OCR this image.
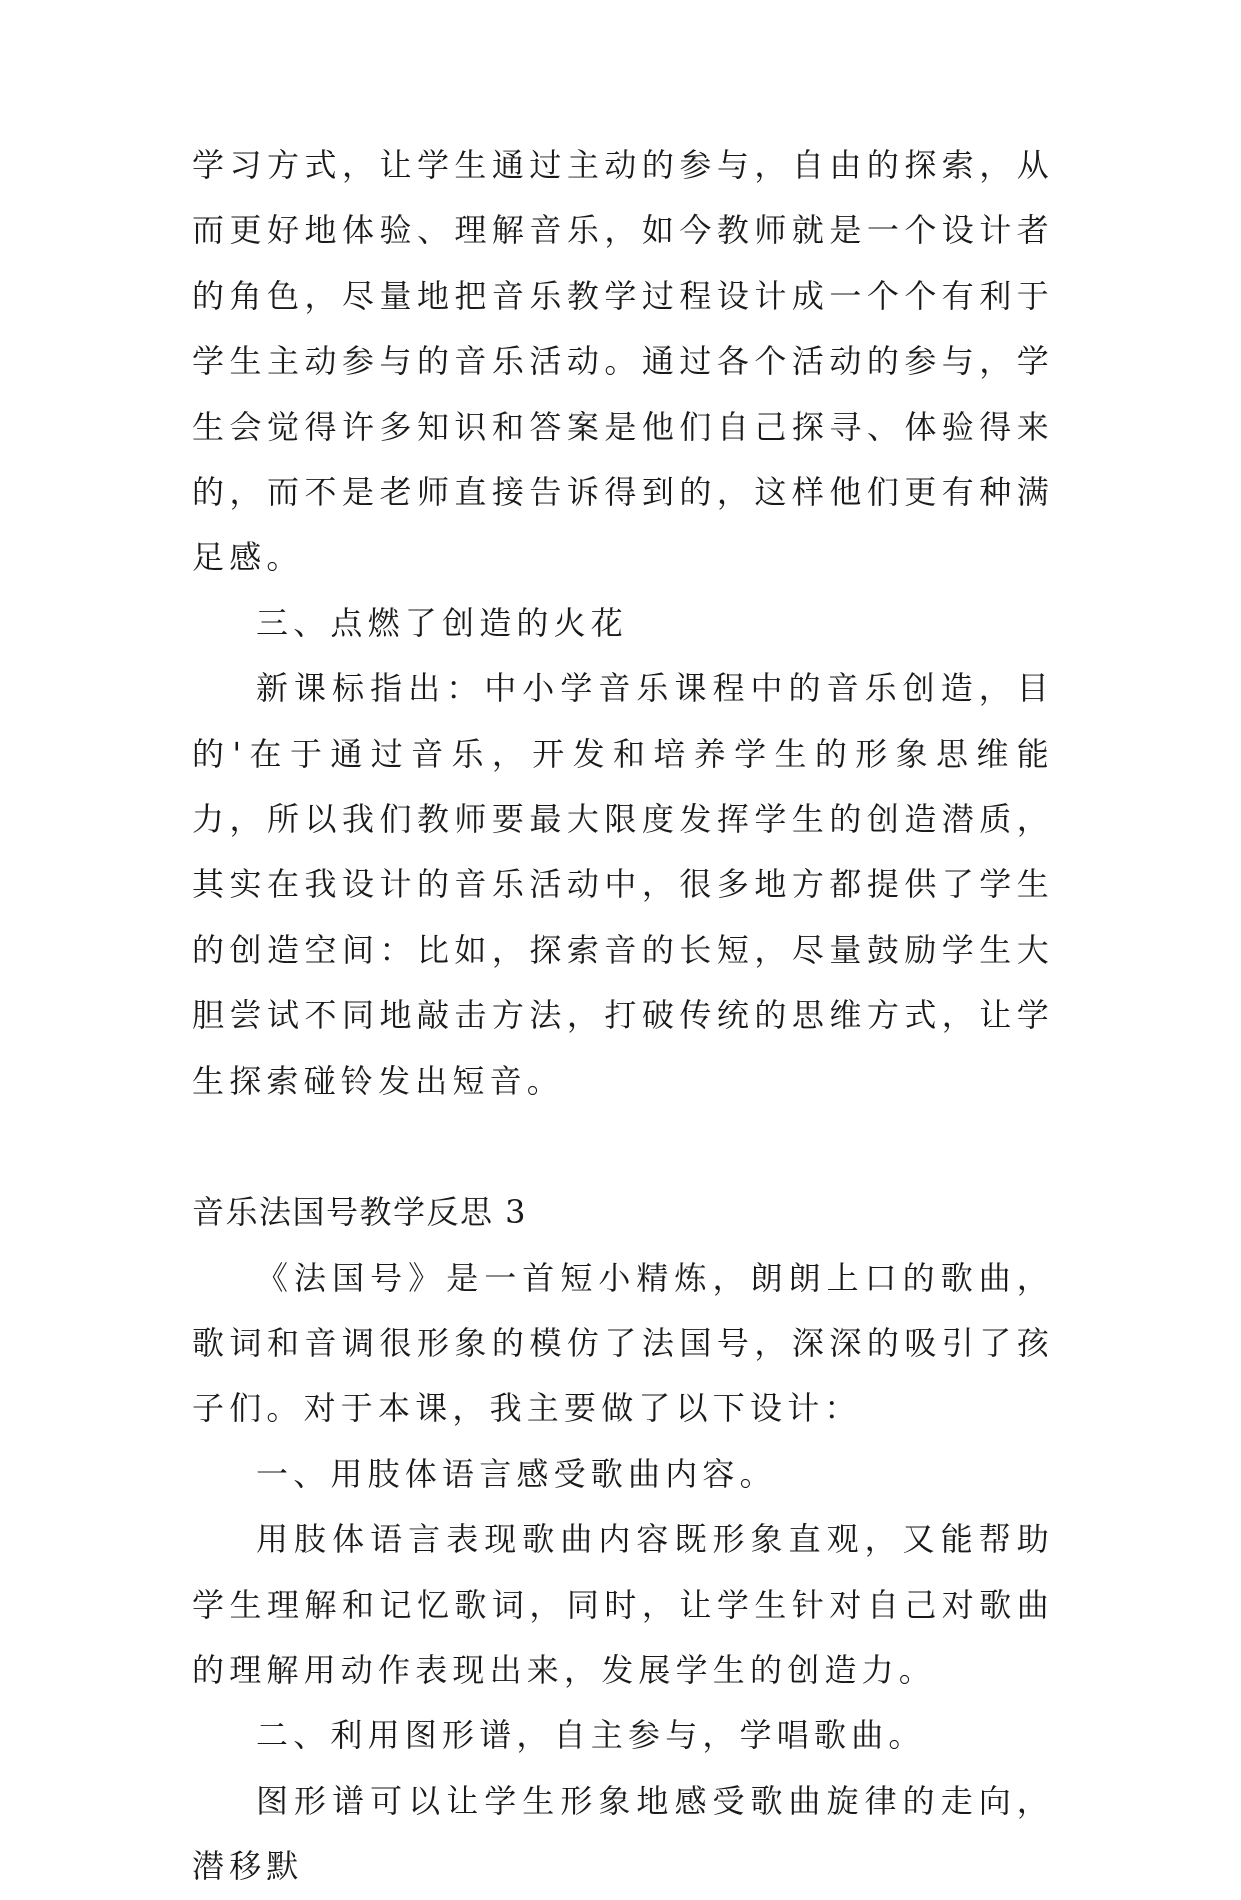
学习方式，让学生通过主动的参与，自由的探索，从而更好地体验、理解音乐，如今教师就是一个设计者的角色，尽量地把音乐教学过程设计成一个个有利于学生主动参与的音乐活动。通过各个活动的参与，学生会觉得许多知识和答案是他们自己探寻、体验得来的，而不是老师直接告诉得到的，这样他们更有种满足感。

三、点燃了创造的火花

新课标指出：中小学音乐课程中的音乐创造，目的'在于通过音乐，开发和培养学生的形象思维能力，所以我们教师要最大限度发挥学生的创造潜质，其实在我设计的音乐活动中，很多地方都提供了学生的创造空间：比如，探索音的长短，尽量鼓励学生大胆尝试不同地敲击方法，打破传统的思维方式，让学生探索碰铃发出短音。

音乐法国号教学反思 3

《法国号》是一首短小精炼，朗朗上口的歌曲，歌词和音调很形象的模仿了法国号，深深的吸引了孩子们。对于本课，我主要做了以下设计：

一、用肢体语言感受歌曲内容。

用肢体语言表现歌曲内容既形象直观，又能帮助学生理解和记忆歌词，同时，让学生针对自己对歌曲的理解用动作表现出来，发展学生的创造力。

二、利用图形谱，自主参与，学唱歌曲。

图形谱可以让学生形象地感受歌曲旋律的走向，潜移默
